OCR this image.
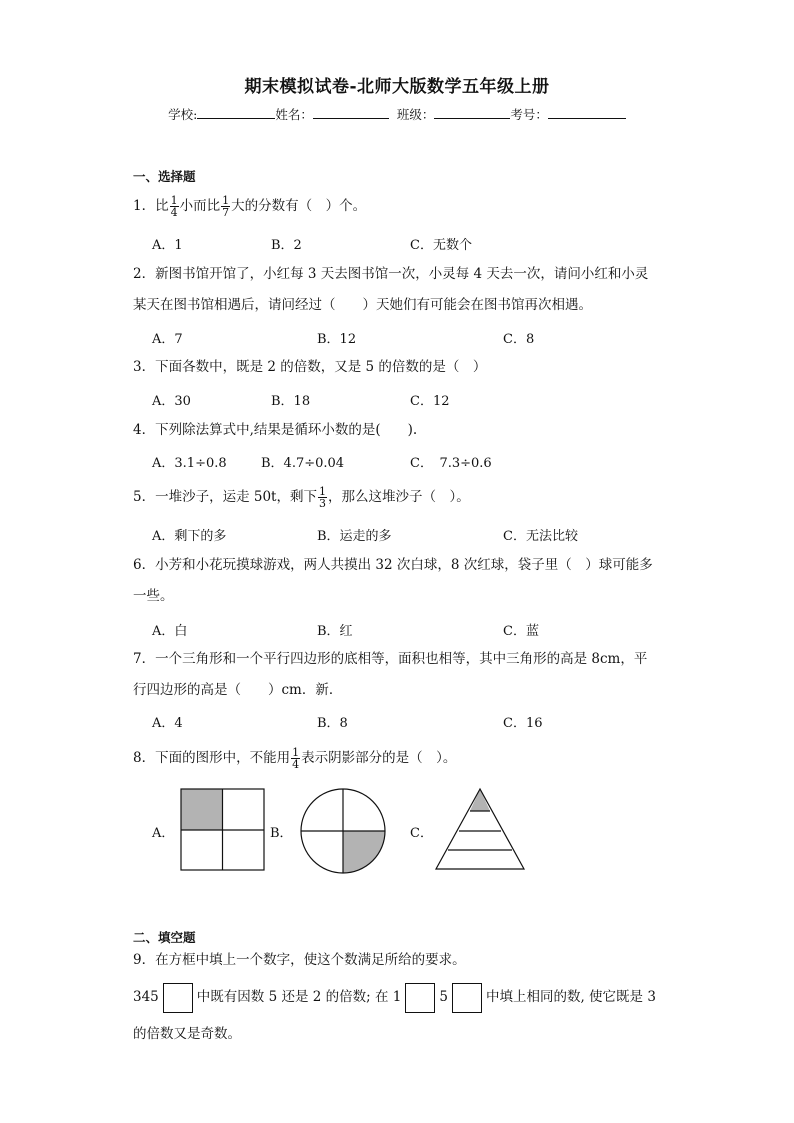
期末模拟试卷-北师大版数学五年级上册
学校:	姓名：	班级：	考号：
一、选择题
1．比 $\frac{1}{4}$ 小而比 $\frac{1}{7}$ 大的分数有（　）个。
A．1	B．2	C．无数个
2．新图书馆开馆了，小红每 3 天去图书馆一次，小灵每 4 天去一次，请问小红和小灵
某天在图书馆相遇后，请问经过（　　）天她们有可能会在图书馆再次相遇。
A．7	B．12	C．8
3．下面各数中，既是 2 的倍数，又是 5 的倍数的是（　）
A．30	B．18	C．12
4．下列除法算式中,结果是循环小数的是(　　).
A．3.1÷0.8	B．4.7÷0.04	C．　7.3÷0.6
5．一堆沙子，运走 50t，剩下 $\frac{1}{3}$ ，那么这堆沙子（　）。
A．剩下的多	B．运走的多	C．无法比较
6．小芳和小花玩摸球游戏，两人共摸出 32 次白球，8 次红球，袋子里（　）球可能多
一些。
A．白	B．红	C．蓝
7．一个三角形和一个平行四边形的底相等，面积也相等，其中三角形的高是 8cm，平
行四边形的高是（　　）cm．新．
A．4	B．8	C．16
8．下面的图形中，不能用 $\frac{1}{4}$ 表示阴影部分的是（　）。
A．	B．	C．
二、填空题
9．在方框中填上一个数字，使这个数满足所给的要求。
345	中既有因数 5 还是 2 的倍数; 在 1	5	中填上相同的数, 使它既是 3
的倍数又是奇数。
